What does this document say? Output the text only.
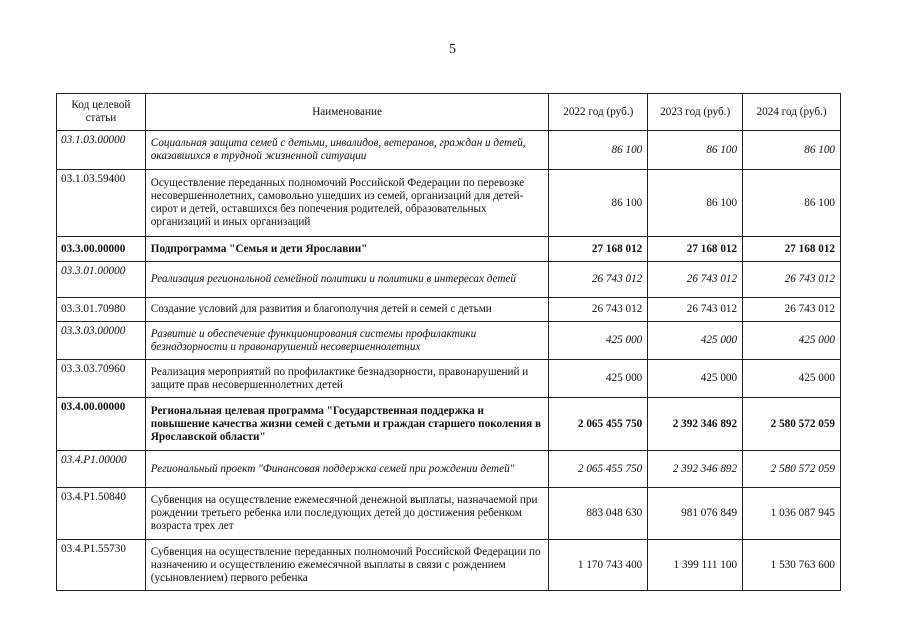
5
Код целевой статьи	Наименование	2022 год (руб.)	2023 год (руб.)	2024 год (руб.)
03.1.03.00000	Социальная защита семей с детьми, инвалидов, ветеранов, граждан и детей, оказавшихся в трудной жизненной ситуации	86 100	86 100	86 100
03.1.03.59400	Осуществление переданных полномочий Российской Федерации по перевозке несовершеннолетних, самовольно ушедших из семей, организаций для детей-сирот и детей, оставшихся без попечения родителей, образовательных организаций и иных организаций	86 100	86 100	86 100
03.3.00.00000	Подпрограмма "Семья и дети Ярославии"	27 168 012	27 168 012	27 168 012
03.3.01.00000	Реализация региональной семейной политики и политики в интересах детей	26 743 012	26 743 012	26 743 012
03.3.01.70980	Создание условий для развития и благополучия детей и семей с детьми	26 743 012	26 743 012	26 743 012
03.3.03.00000	Развитие и обеспечение функционирования системы профилактики безнадзорности и правонарушений несовершеннолетних	425 000	425 000	425 000
03.3.03.70960	Реализация мероприятий по профилактике безнадзорности, правонарушений и защите прав несовершеннолетних детей	425 000	425 000	425 000
03.4.00.00000	Региональная целевая программа "Государственная поддержка и повышение качества жизни семей с детьми и граждан старшего поколения в Ярославской области"	2 065 455 750	2 392 346 892	2 580 572 059
03.4.P1.00000	Региональный проект "Финансовая поддержка семей при рождении детей"	2 065 455 750	2 392 346 892	2 580 572 059
03.4.P1.50840	Субвенция на осуществление ежемесячной денежной выплаты, назначаемой при рождении третьего ребенка или последующих детей до достижения ребенком возраста трех лет	883 048 630	981 076 849	1 036 087 945
03.4.P1.55730	Субвенция на осуществление переданных полномочий Российской Федерации по назначению и осуществлению ежемесячной выплаты в связи с рождением (усыновлением) первого ребенка	1 170 743 400	1 399 111 100	1 530 763 600
